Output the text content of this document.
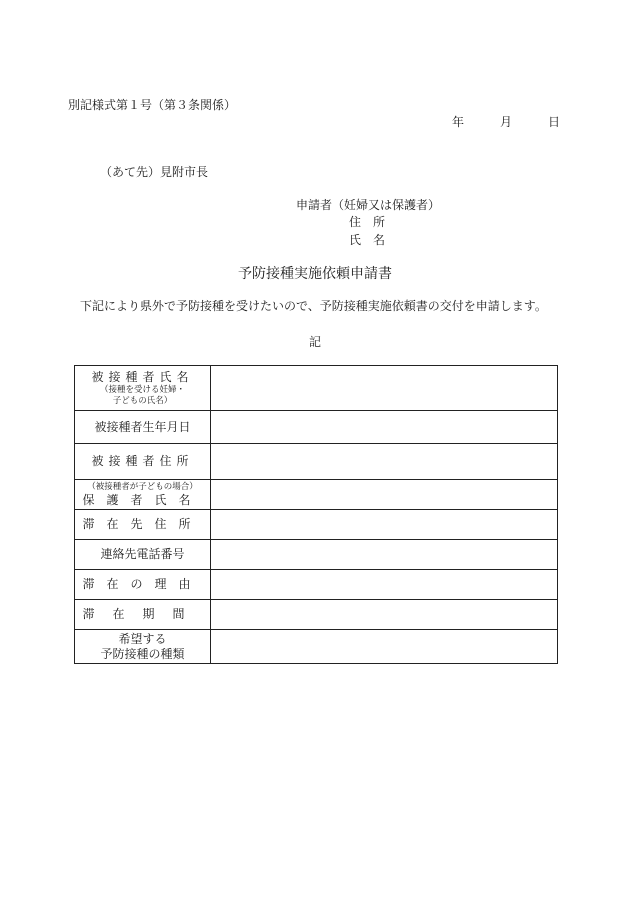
別記様式第１号（第３条関係）
年	月	日
（あて先）見附市長
申請者（妊婦又は保護者）
住　所
氏　名
予防接種実施依頼申請書
　下記により県外で予防接種を受けたいので、予防接種実施依頼書の交付を申請します。
記
被接種者氏名
（接種を受ける妊婦・子どもの氏名）	

被接種者生年月日	
被接種者住所	

（被接種者が子どもの場合）
保護者氏名	
滞在先住所	
連絡先電話番号	
滞在の理由	
滞在期間	

希望する
予防接種の種類	
